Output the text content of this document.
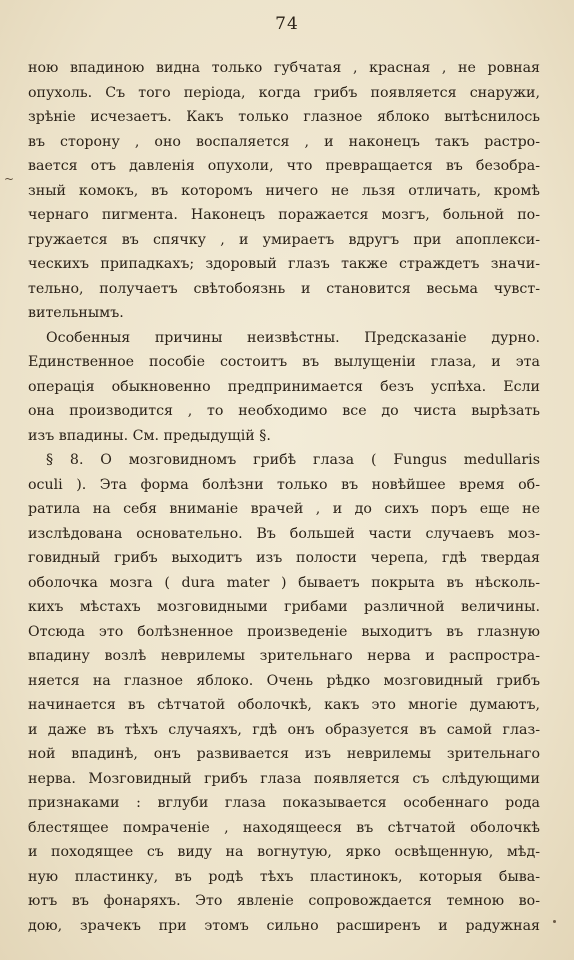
74
~
ною впадиною видна только губчатая , красная , не ровная
опухоль. Съ того періода, когда грибъ появляется снаружи,
зрѣніе исчезаетъ. Какъ только глазное яблоко вытѣснилось
въ сторону , оно воспаляется , и наконецъ такъ растро-
вается отъ давленія опухоли, что превращается въ безобра-
зный комокъ, въ которомъ ничего не льзя отличать, кромѣ
чернаго пигмента. Наконецъ поражается мозгъ, больной по-
гружается въ спячку , и умираетъ вдругъ при апоплекси-
ческихъ припадкахъ; здоровый глазъ также страждетъ значи-
тельно, получаетъ свѣтобоязнь и становится весьма чувст-
вительнымъ.
Особенныя причины неизвѣстны. Предсказаніе дурно.
Единственное пособіе состоитъ въ вылущеніи глаза, и эта
операція обыкновенно предпринимается безъ успѣха. Если
она производится , то необходимо все до чиста вырѣзать
изъ впадины. См. предыдущій §.
§ 8. О мозговидномъ грибѣ глаза ( Fungus medullaris
oculi ). Эта форма болѣзни только въ новѣйшее время об-
ратила на себя вниманіе врачей , и до сихъ поръ еще не
изслѣдована основательно. Въ большей части случаевъ моз-
говидный грибъ выходитъ изъ полости черепа, гдѣ твердая
оболочка мозга ( dura mater ) бываетъ покрыта въ нѣсколь-
кихъ мѣстахъ мозговидными грибами различной величины.
Отсюда это болѣзненное произведеніе выходитъ въ глазную
впадину возлѣ неврилемы зрительнаго нерва и распростра-
няется на глазное яблоко. Очень рѣдко мозговидный грибъ
начинается въ сѣтчатой оболочкѣ, какъ это многіе думаютъ,
и даже въ тѣхъ случаяхъ, гдѣ онъ образуется въ самой глаз-
ной впадинѣ, онъ развивается изъ неврилемы зрительнаго
нерва. Мозговидный грибъ глаза появляется съ слѣдующими
признаками : вглуби глаза показывается особеннаго рода
блестящее помраченіе , находящееся въ сѣтчатой оболочкѣ
и походящее съ виду на вогнутую, ярко освѣщенную, мѣд-
ную пластинку, въ родѣ тѣхъ пластинокъ, которыя быва-
ютъ въ фонаряхъ. Это явленіе сопровождается темною во-
дою, зрачекъ при этомъ сильно расширенъ и радужная
